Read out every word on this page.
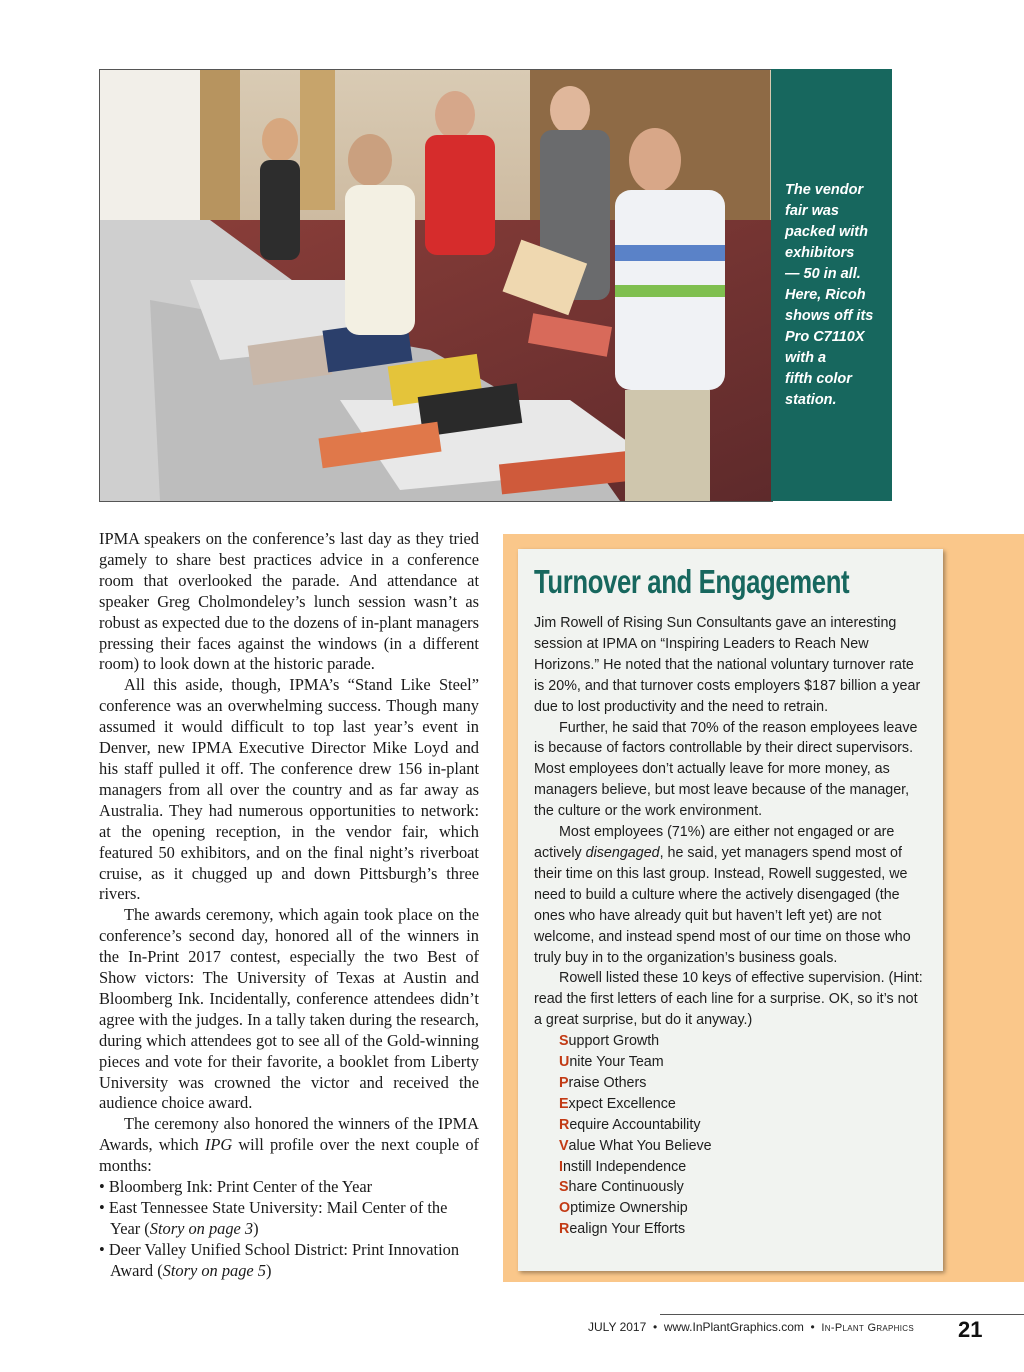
The vendor
fair was
packed with
exhibitors
— 50 in all.
Here, Ricoh
shows off its
Pro C7110X
with a
fifth color
station.

IPMA speakers on the conference’s last day as they tried gamely to share best practices advice in a conference room that overlooked the parade. And attendance at speaker Greg Cholmondeley’s lunch session wasn’t as robust as expected due to the dozens of in-plant managers pressing their faces against the windows (in a different room) to look down at the historic parade.

All this aside, though, IPMA’s “Stand Like Steel” conference was an overwhelming success. Though many assumed it would difficult to top last year’s event in Denver, new IPMA Executive Director Mike Loyd and his staff pulled it off. The conference drew 156 in-plant managers from all over the country and as far away as Australia. They had numerous opportunities to network: at the opening reception, in the vendor fair, which featured 50 exhibitors, and on the final night’s riverboat cruise, as it chugged up and down Pittsburgh’s three rivers.

The awards ceremony, which again took place on the conference’s second day, honored all of the winners in the In-Print 2017 contest, especially the two Best of Show victors: The University of Texas at Austin and Bloomberg Ink. Incidentally, conference attendees didn’t agree with the judges. In a tally taken during the research, during which attendees got to see all of the Gold-winning pieces and vote for their favorite, a booklet from Liberty University was crowned the victor and received the audience choice award.

The ceremony also honored the winners of the IPMA Awards, which IPG will profile over the next couple of months:

• Bloomberg Ink: Print Center of the Year
• East Tennessee State University: Mail Center of the Year (Story on page 3)
• Deer Valley Unified School District: Print Innovation Award (Story on page 5)
Turnover and Engagement

Jim Rowell of Rising Sun Consultants gave an interesting session at IPMA on “Inspiring Leaders to Reach New Horizons.” He noted that the national voluntary turnover rate is 20%, and that turnover costs employers $187 billion a year due to lost productivity and the need to retrain.

Further, he said that 70% of the reason employees leave is because of factors controllable by their direct supervisors. Most employees don’t actually leave for more money, as managers believe, but most leave because of the manager, the culture or the work environment.

Most employees (71%) are either not engaged or are actively disengaged, he said, yet managers spend most of their time on this last group. Instead, Rowell suggested, we need to build a culture where the actively disengaged (the ones who have already quit but haven’t left yet) are not welcome, and instead spend most of our time on those who truly buy in to the organization’s business goals.

Rowell listed these 10 keys of effective supervision. (Hint: read the first letters of each line for a surprise. OK, so it’s not a great surprise, but do it anyway.)

Support Growth
Unite Your Team
Praise Others
Expect Excellence
Require Accountability
Value What You Believe
Instill Independence
Share Continuously
Optimize Ownership
Realign Your Efforts
JULY 2017 • www.InPlantGraphics.com • In-Plant Graphics	21
